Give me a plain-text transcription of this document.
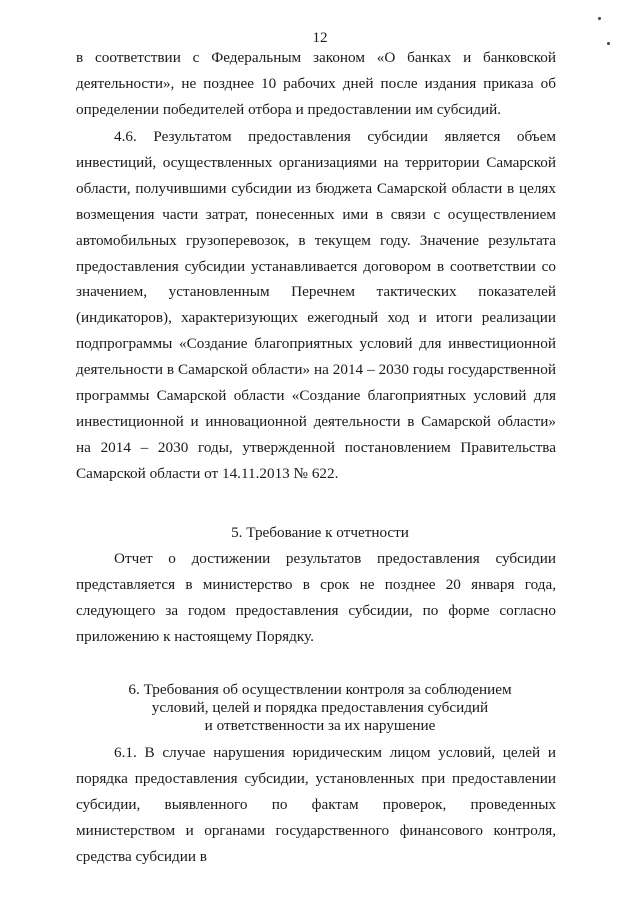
12

в соответствии с Федеральным законом «О банках и банковской деятельности», не позднее 10 рабочих дней после издания приказа об определении победителей отбора и предоставлении им субсидий.

4.6. Результатом предоставления субсидии является объем инвестиций, осуществленных организациями на территории Самарской области, получившими субсидии из бюджета Самарской области в целях возмещения части затрат, понесенных ими в связи с осуществлением автомобильных грузоперевозок, в текущем году. Значение результата предоставления субсидии устанавливается договором в соответствии со значением, установленным Перечнем тактических показателей (индикаторов), характеризующих ежегодный ход и итоги реализации подпрограммы «Создание благоприятных условий для инвестиционной деятельности в Самарской области» на 2014 – 2030 годы государственной программы Самарской области «Создание благоприятных условий для инвестиционной и инновационной деятельности в Самарской области» на 2014 – 2030 годы, утвержденной постановлением Правительства Самарской области от 14.11.2013 № 622.

5. Требование к отчетности

Отчет о достижении результатов предоставления субсидии представляется в министерство в срок не позднее 20 января года, следующего за годом предоставления субсидии, по форме согласно приложению к настоящему Порядку.

6. Требования об осуществлении контроля за соблюдением
условий, целей и порядка предоставления субсидий
и ответственности за их нарушение

6.1. В случае нарушения юридическим лицом условий, целей и порядка предоставления субсидии, установленных при предоставлении субсидии, выявленного по фактам проверок, проведенных министерством и органами государственного финансового контроля, средства субсидии в
